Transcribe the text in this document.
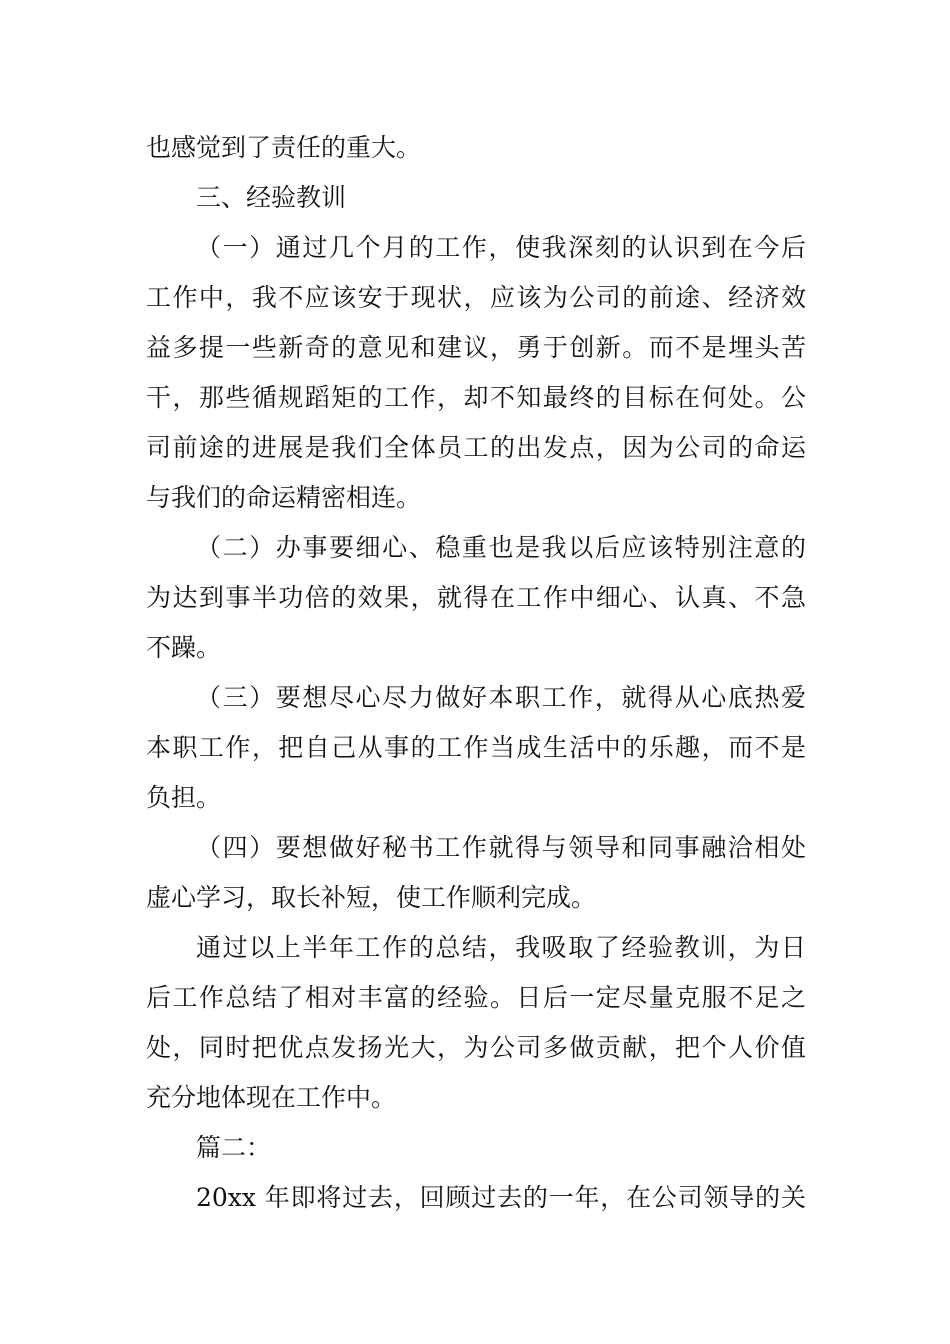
也感觉到了责任的重大。
三、经验教训
（一）通过几个月的工作，使我深刻的认识到在今后
工作中，我不应该安于现状，应该为公司的前途、经济效
益多提一些新奇的意见和建议，勇于创新。而不是埋头苦
干，那些循规蹈矩的工作，却不知最终的目标在何处。公
司前途的进展是我们全体员工的出发点，因为公司的命运
与我们的命运精密相连。
（二）办事要细心、稳重也是我以后应该特别注意的
为达到事半功倍的效果，就得在工作中细心、认真、不急
不躁。
（三）要想尽心尽力做好本职工作，就得从心底热爱
本职工作，把自己从事的工作当成生活中的乐趣，而不是
负担。
（四）要想做好秘书工作就得与领导和同事融洽相处
虚心学习，取长补短，使工作顺利完成。
通过以上半年工作的总结，我吸取了经验教训，为日
后工作总结了相对丰富的经验。日后一定尽量克服不足之
处，同时把优点发扬光大，为公司多做贡献，把个人价值
充分地体现在工作中。
篇二：
20xx 年即将过去，回顾过去的一年，在公司领导的关
